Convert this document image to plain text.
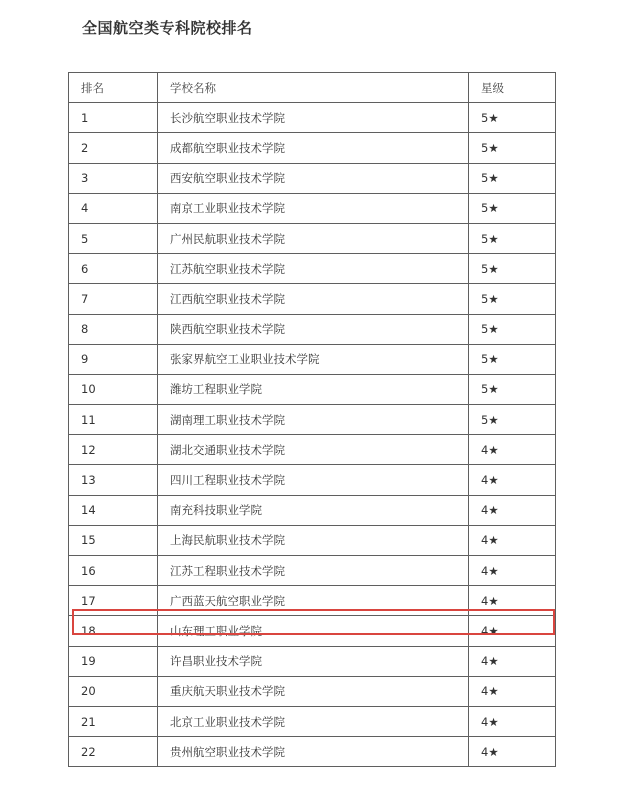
全国航空类专科院校排名
排名	学校名称	星级
1	长沙航空职业技术学院	5★
2	成都航空职业技术学院	5★
3	西安航空职业技术学院	5★
4	南京工业职业技术学院	5★
5	广州民航职业技术学院	5★
6	江苏航空职业技术学院	5★
7	江西航空职业技术学院	5★
8	陕西航空职业技术学院	5★
9	张家界航空工业职业技术学院	5★
10	潍坊工程职业学院	5★
11	湖南理工职业技术学院	5★
12	湖北交通职业技术学院	4★
13	四川工程职业技术学院	4★
14	南充科技职业学院	4★
15	上海民航职业技术学院	4★
16	江苏工程职业技术学院	4★
17	广西蓝天航空职业学院	4★
18	山东理工职业学院	4★
19	许昌职业技术学院	4★
20	重庆航天职业技术学院	4★
21	北京工业职业技术学院	4★
22	贵州航空职业技术学院	4★
